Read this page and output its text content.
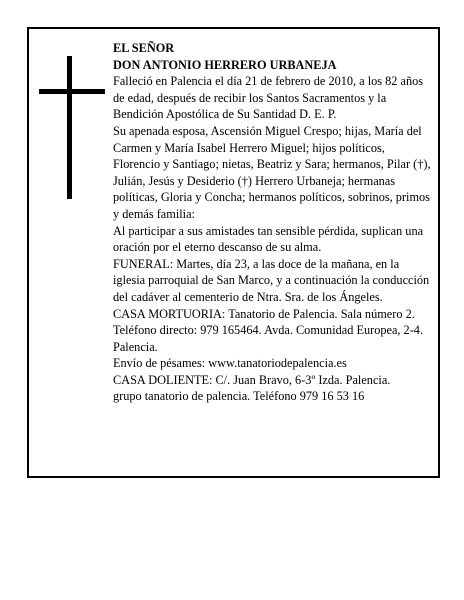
EL SEÑOR

DON ANTONIO HERRERO URBANEJA

Falleció en Palencia el día 21 de febrero de 2010, a los 82 años de edad, después de recibir los Santos Sacramentos y la Bendición Apostólica de Su Santidad D. E. P.

Su apenada esposa, Ascensión Miguel Crespo; hijas, María del Carmen y María Isabel Herrero Miguel; hijos políticos, Florencio y Santiago; nietas, Beatriz y Sara; hermanos, Pilar (†), Julián, Jesús y Desiderio (†) Herrero Urbaneja; hermanas políticas, Gloria y Concha; hermanos políticos, sobrinos, primos y demás familia:

Al participar a sus amistades tan sensible pérdida, suplican una oración por el eterno descanso de su alma.

FUNERAL: Martes, día 23, a las doce de la mañana, en la iglesia parroquial de San Marco, y a continuación la conducción del cadáver al cementerio de Ntra. Sra. de los Ángeles.

CASA MORTUORIA: Tanatorio de Palencia. Sala número 2. Teléfono directo: 979 165464. Avda. Comunidad Europea, 2-4. Palencia.

Envío de pésames: www.tanatoriodepalencia.es

CASA DOLIENTE: C/. Juan Bravo, 6-3º Izda. Palencia.

grupo tanatorio de palencia. Teléfono 979 16 53 16
